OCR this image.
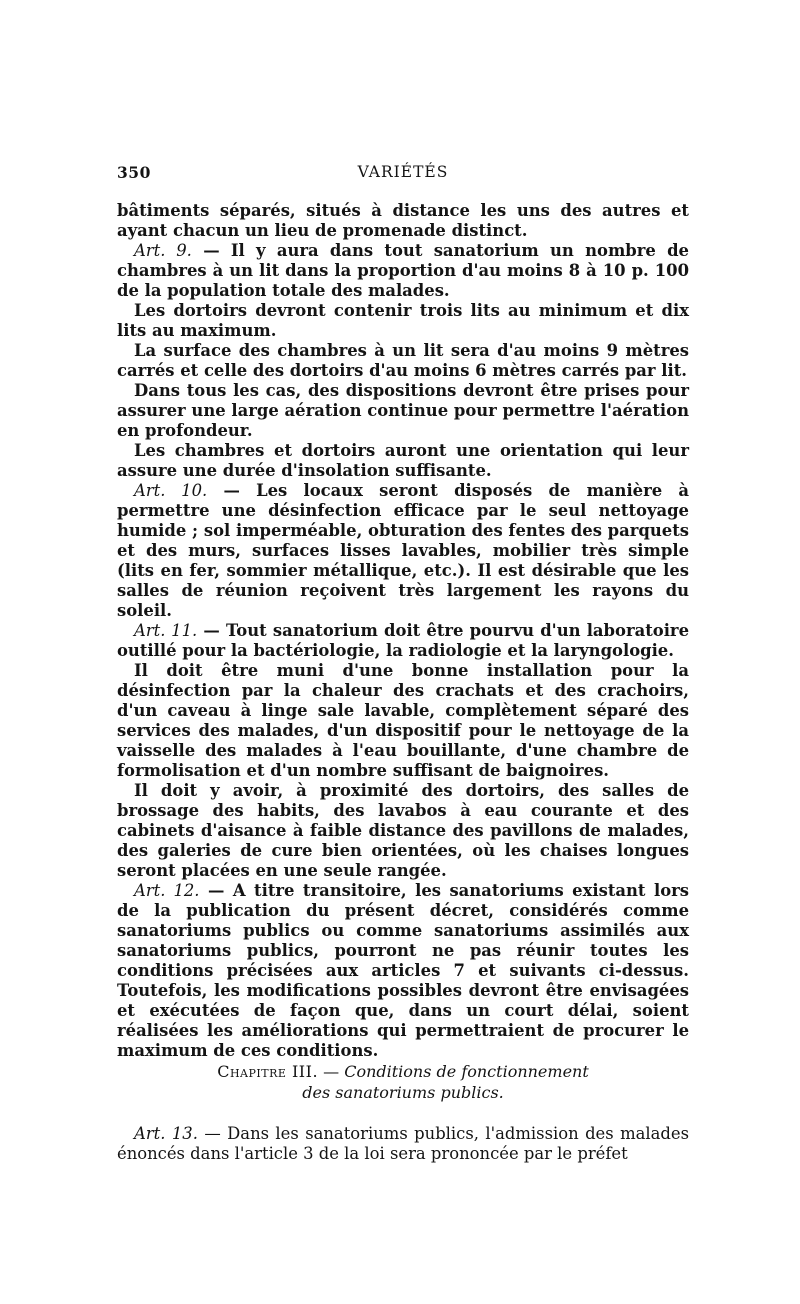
350	VARIÉTÉS

bâtiments séparés, situés à distance les uns des autres et ayant chacun un lieu de promenade distinct.

Art. 9. — Il y aura dans tout sanatorium un nombre de chambres à un lit dans la proportion d'au moins 8 à 10 p. 100 de la population totale des malades.

Les dortoirs devront contenir trois lits au minimum et dix lits au maximum.

La surface des chambres à un lit sera d'au moins 9 mètres carrés et celle des dortoirs d'au moins 6 mètres carrés par lit.

Dans tous les cas, des dispositions devront être prises pour assurer une large aération continue pour permettre l'aération en profondeur.

Les chambres et dortoirs auront une orientation qui leur assure une durée d'insolation suffisante.

Art. 10. — Les locaux seront disposés de manière à permettre une désinfection efficace par le seul nettoyage humide ; sol imperméable, obturation des fentes des parquets et des murs, surfaces lisses lavables, mobilier très simple (lits en fer, sommier métallique, etc.). Il est désirable que les salles de réunion reçoivent très largement les rayons du soleil.

Art. 11. — Tout sanatorium doit être pourvu d'un laboratoire outillé pour la bactériologie, la radiologie et la laryngologie.

Il doit être muni d'une bonne installation pour la désinfection par la chaleur des crachats et des crachoirs, d'un caveau à linge sale lavable, complètement séparé des services des malades, d'un dispositif pour le nettoyage de la vaisselle des malades à l'eau bouillante, d'une chambre de formolisation et d'un nombre suffisant de baignoires.

Il doit y avoir, à proximité des dortoirs, des salles de brossage des habits, des lavabos à eau courante et des cabinets d'aisance à faible distance des pavillons de malades, des galeries de cure bien orientées, où les chaises longues seront placées en une seule rangée.

Art. 12. — A titre transitoire, les sanatoriums existant lors de la publication du présent décret, considérés comme sanatoriums publics ou comme sanatoriums assimilés aux sanatoriums publics, pourront ne pas réunir toutes les conditions précisées aux articles 7 et suivants ci-dessus. Toutefois, les modifications possibles devront être envisagées et exécutées de façon que, dans un court délai, soient réalisées les améliorations qui permettraient de procurer le maximum de ces conditions.

Chapitre III. — Conditions de fonctionnement
des sanatoriums publics.

Art. 13. — Dans les sanatoriums publics, l'admission des malades énoncés dans l'article 3 de la loi sera prononcée par le préfet
